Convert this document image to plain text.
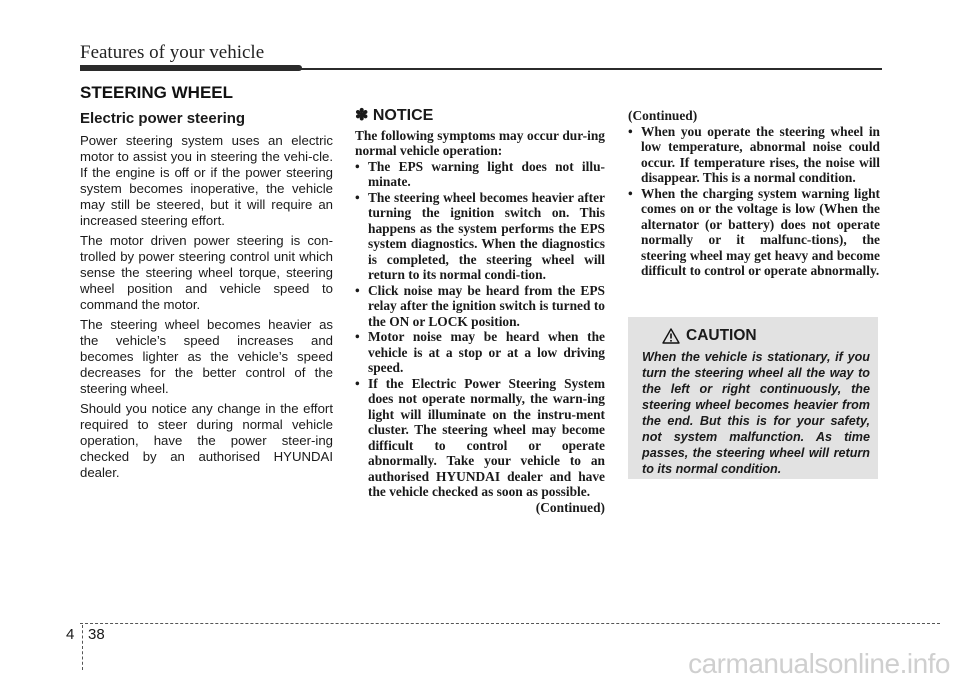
Features of your vehicle
STEERING WHEEL
Electric power steering

Power steering system uses an electric motor to assist you in steering the vehi-cle. If the engine is off or if the power steering system becomes inoperative, the vehicle may still be steered, but it will require an increased steering effort.

The motor driven power steering is con-trolled by power steering control unit which sense the steering wheel torque, steering wheel position and vehicle speed to command the motor.

The steering wheel becomes heavier as the vehicle’s speed increases and becomes lighter as the vehicle’s speed decreases for the better control of the steering wheel.

Should you notice any change in the effort required to steer during normal vehicle operation, have the power steer-ing checked by an authorised HYUNDAI dealer.

✽ NOTICE

The following symptoms may occur dur-ing normal vehicle operation:

• The EPS warning light does not illu-minate.
• The steering wheel becomes heavier after turning the ignition switch on. This happens as the system performs the EPS system diagnostics. When the diagnostics is completed, the steering wheel will return to its normal condi-tion.
• Click noise may be heard from the EPS relay after the ignition switch is turned to the ON or LOCK position.
• Motor noise may be heard when the vehicle is at a stop or at a low driving speed.
• If the Electric Power Steering System does not operate normally, the warn-ing light will illuminate on the instru-ment cluster. The steering wheel may become difficult to control or operate abnormally. Take your vehicle to an authorised HYUNDAI dealer and have the vehicle checked as soon as possible.
(Continued)

(Continued)

• When you operate the steering wheel in low temperature, abnormal noise could occur. If temperature rises, the noise will disappear. This is a normal condition.
• When the charging system warning light comes on or the voltage is low (When the alternator (or battery) does not operate normally or it malfunc-tions), the steering wheel may get heavy and become difficult to control or operate abnormally.
CAUTION
When the vehicle is stationary, if you turn the steering wheel all the way to the left or right continuously, the steering wheel becomes heavier from the end. But this is for your safety, not system malfunction. As time passes, the steering wheel will return to its normal condition.
4 38
carmanualsonline.info
